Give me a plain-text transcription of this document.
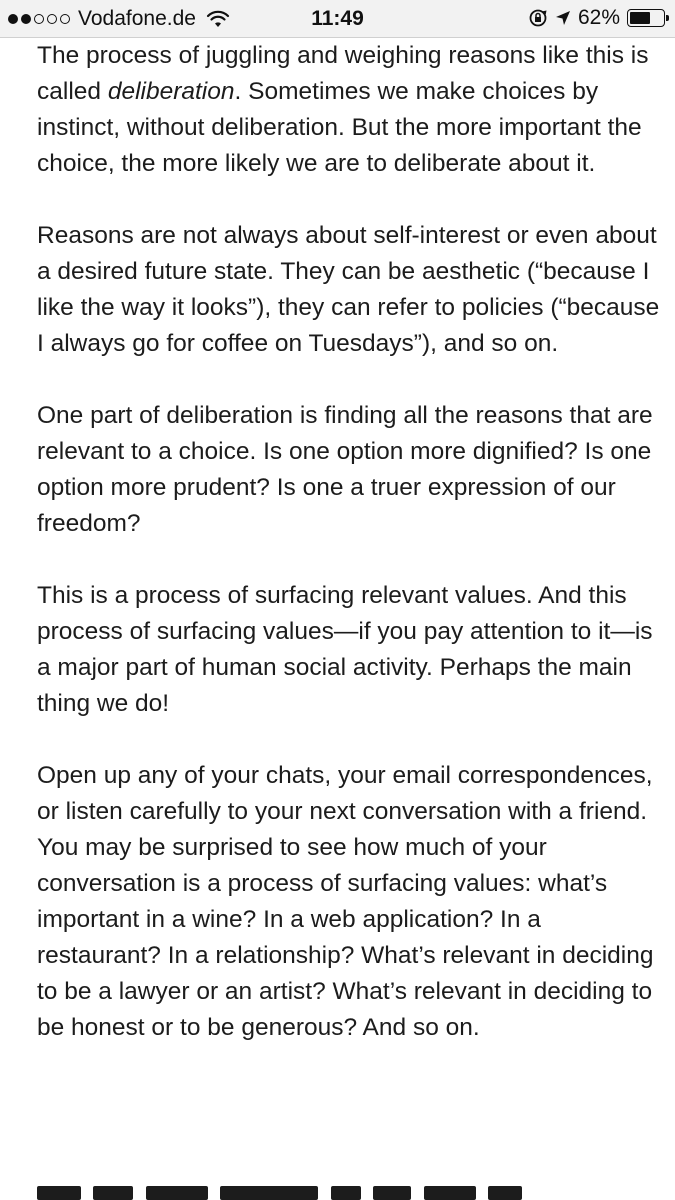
Vodafone.de	11:49	62%

The process of juggling and weighing reasons like this is called deliberation. Sometimes we make choices by instinct, without deliberation. But the more important the choice, the more likely we are to deliberate about it.

Reasons are not always about self-interest or even about a desired future state. They can be aesthetic (“because I like the way it looks”), they can refer to policies (“because I always go for coffee on Tuesdays”), and so on.

One part of deliberation is finding all the reasons that are relevant to a choice. Is one option more dignified? Is one option more prudent? Is one a truer expression of our freedom?

This is a process of surfacing relevant values. And this process of surfacing values—if you pay attention to it—is a major part of human social activity. Perhaps the main thing we do!

Open up any of your chats, your email correspondences, or listen carefully to your next conversation with a friend. You may be surprised to see how much of your conversation is a process of surfacing values: what’s important in a wine? In a web application? In a restaurant? In a relationship? What’s relevant in deciding to be a lawyer or an artist? What’s relevant in deciding to be honest or to be generous? And so on.
